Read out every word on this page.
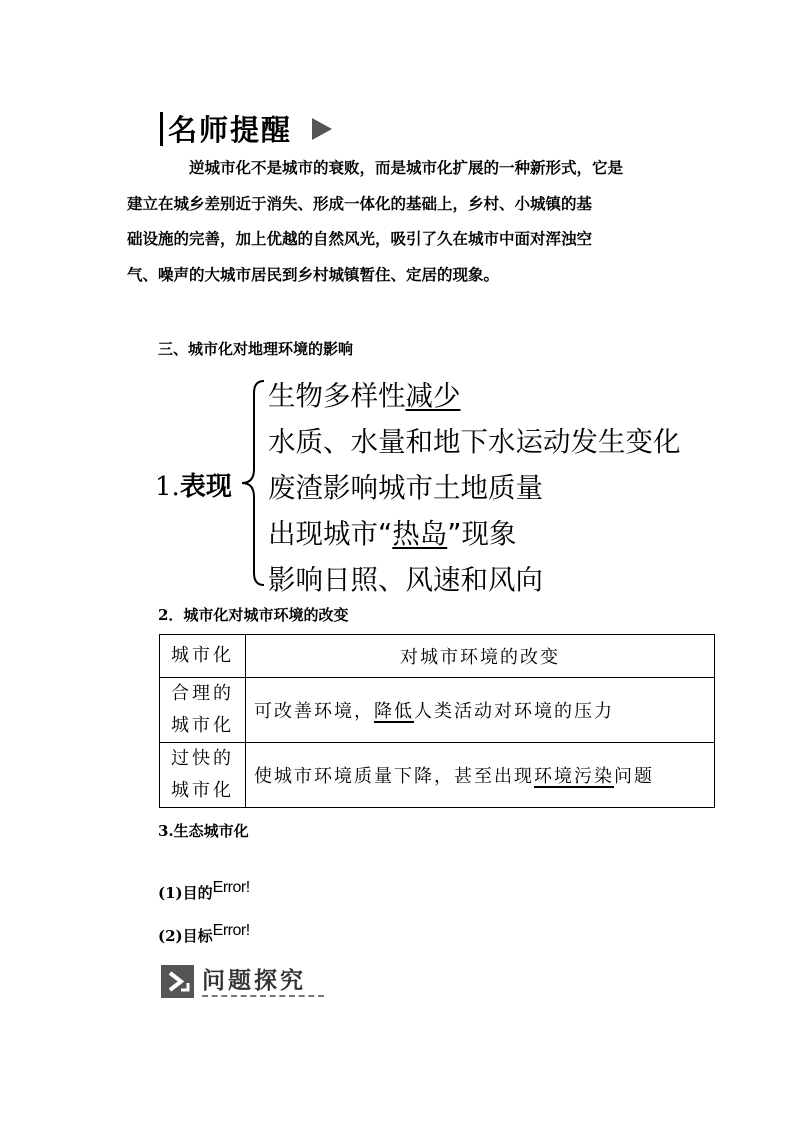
名师提醒
逆城市化不是城市的衰败，而是城市化扩展的一种新形式，它是
建立在城乡差别近于消失、形成一体化的基础上，乡村、小城镇的基
础设施的完善，加上优越的自然风光，吸引了久在城市中面对浑浊空
气、噪声的大城市居民到乡村城镇暂住、定居的现象。
三、城市化对地理环境的影响
1.表现
生物多样性减少
水质、水量和地下水运动发生变化
废渣影响城市土地质量
出现城市“热岛”现象
影响日照、风速和风向
2．城市化对城市环境的改变
城市化	对城市环境的改变
合理的
城市化	可改善环境，降低人类活动对环境的压力
过快的
城市化	使城市环境质量下降，甚至出现环境污染问题
3.生态城市化
(1)目的Error!
(2)目标Error!
问题探究
